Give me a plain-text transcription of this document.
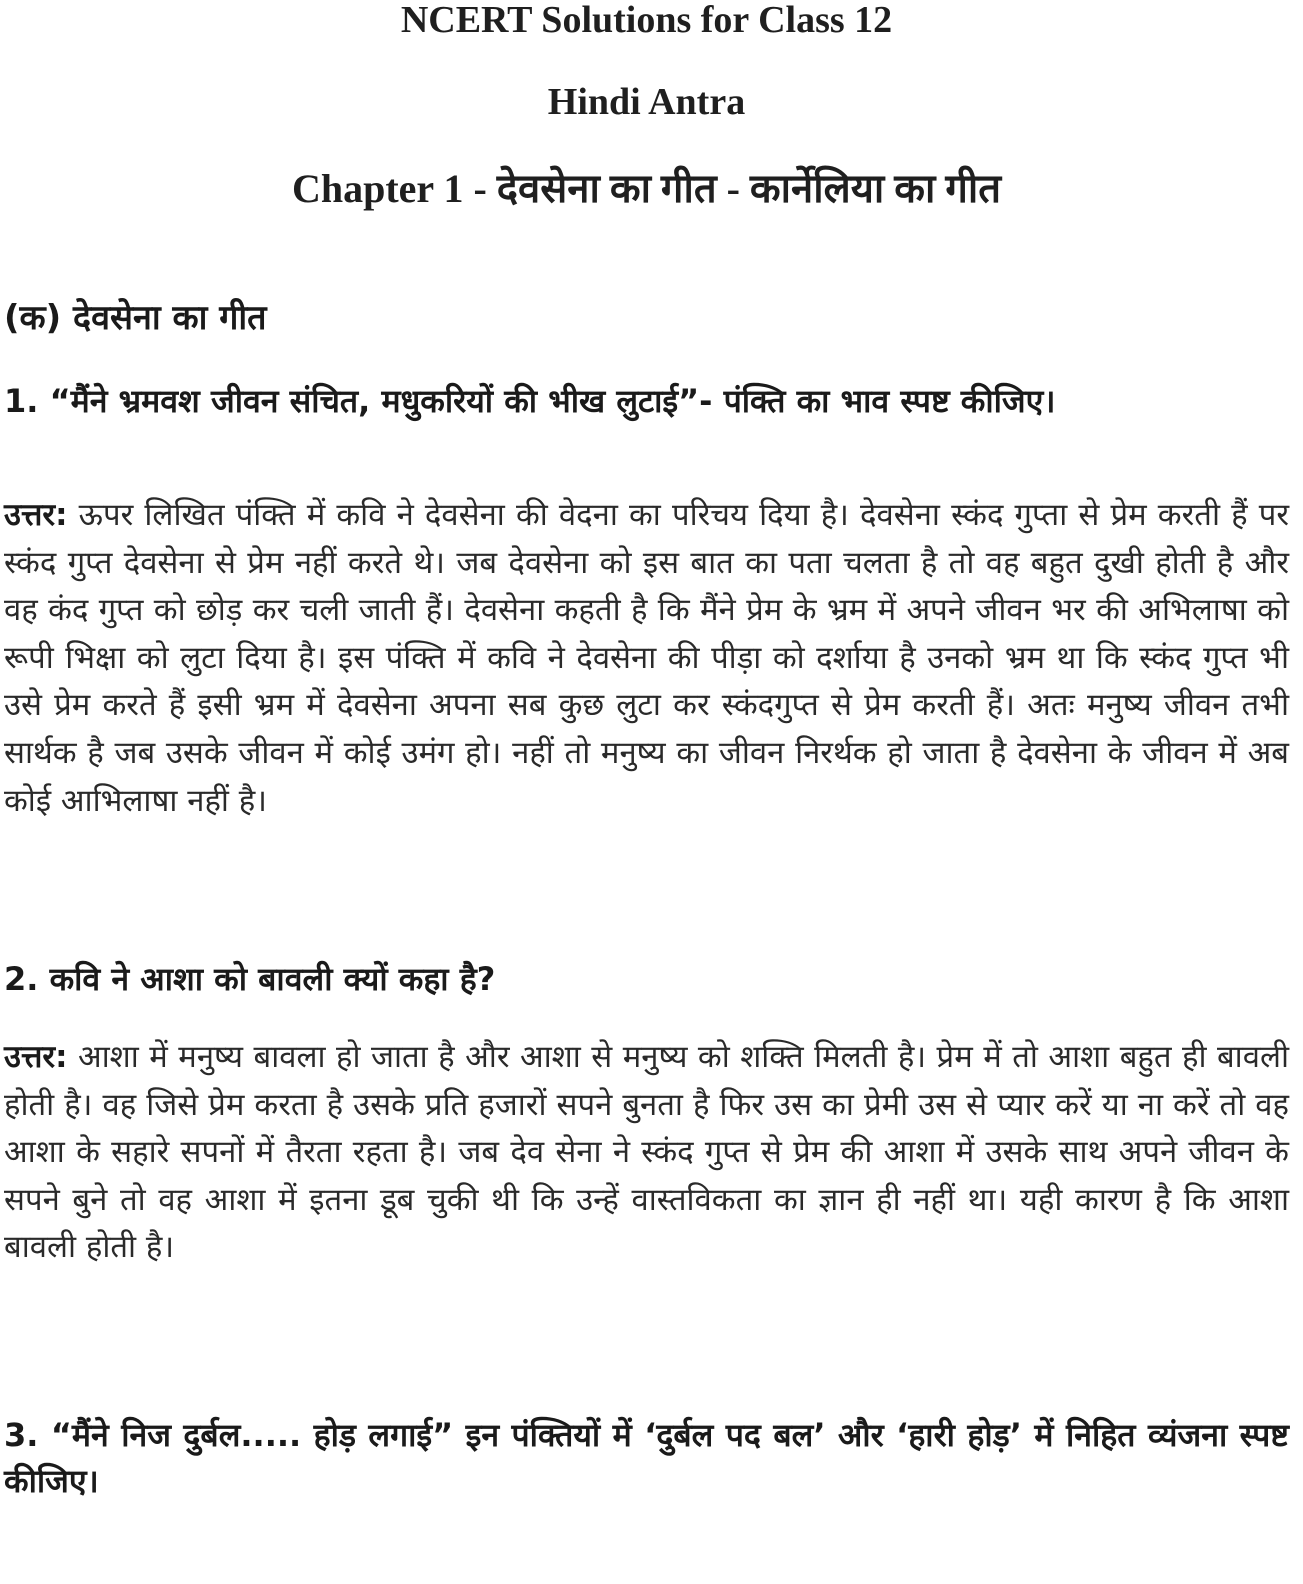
NCERT Solutions for Class 12
Hindi Antra
Chapter 1 - देवसेना का गीत - कार्नेलिया का गीत
(क) देवसेना का गीत
1. “मैंने भ्रमवश जीवन संचित, मधुकरियों की भीख लुटाई”- पंक्ति का भाव स्पष्ट कीजिए।
उत्तर: ऊपर लिखित पंक्ति में कवि ने देवसेना की वेदना का परिचय दिया है। देवसेना स्कंद गुप्ता से प्रेम करती हैं पर स्कंद गुप्त देवसेना से प्रेम नहीं करते थे। जब देवसेना को इस बात का पता चलता है तो वह बहुत दुखी होती है और वह कंद गुप्त को छोड़ कर चली जाती हैं। देवसेना कहती है कि मैंने प्रेम के भ्रम में अपने जीवन भर की अभिलाषा को रूपी भिक्षा को लुटा दिया है। इस पंक्ति में कवि ने देवसेना की पीड़ा को दर्शाया है उनको भ्रम था कि स्कंद गुप्त भी उसे प्रेम करते हैं इसी भ्रम में देवसेना अपना सब कुछ लुटा कर स्कंदगुप्त से प्रेम करती हैं। अतः मनुष्य जीवन तभी सार्थक है जब उसके जीवन में कोई उमंग हो। नहीं तो मनुष्य का जीवन निरर्थक हो जाता है देवसेना के जीवन में अब कोई आभिलाषा नहीं है।
2. कवि ने आशा को बावली क्यों कहा है?
उत्तर: आशा में मनुष्य बावला हो जाता है और आशा से मनुष्य को शक्ति मिलती है। प्रेम में तो आशा बहुत ही बावली होती है। वह जिसे प्रेम करता है उसके प्रति हजारों सपने बुनता है फिर उस का प्रेमी उस से प्यार करें या ना करें तो वह आशा के सहारे सपनों में तैरता रहता है। जब देव सेना ने स्कंद गुप्त से प्रेम की आशा में उसके साथ अपने जीवन के सपने बुने तो वह आशा में इतना डूब चुकी थी कि उन्हें वास्तविकता का ज्ञान ही नहीं था। यही कारण है कि आशा बावली होती है।
3. “मैंने निज दुर्बल..... होड़ लगाई” इन पंक्तियों में ‘दुर्बल पद बल’ और ‘हारी होड़’ में निहित व्यंजना स्पष्ट कीजिए।
